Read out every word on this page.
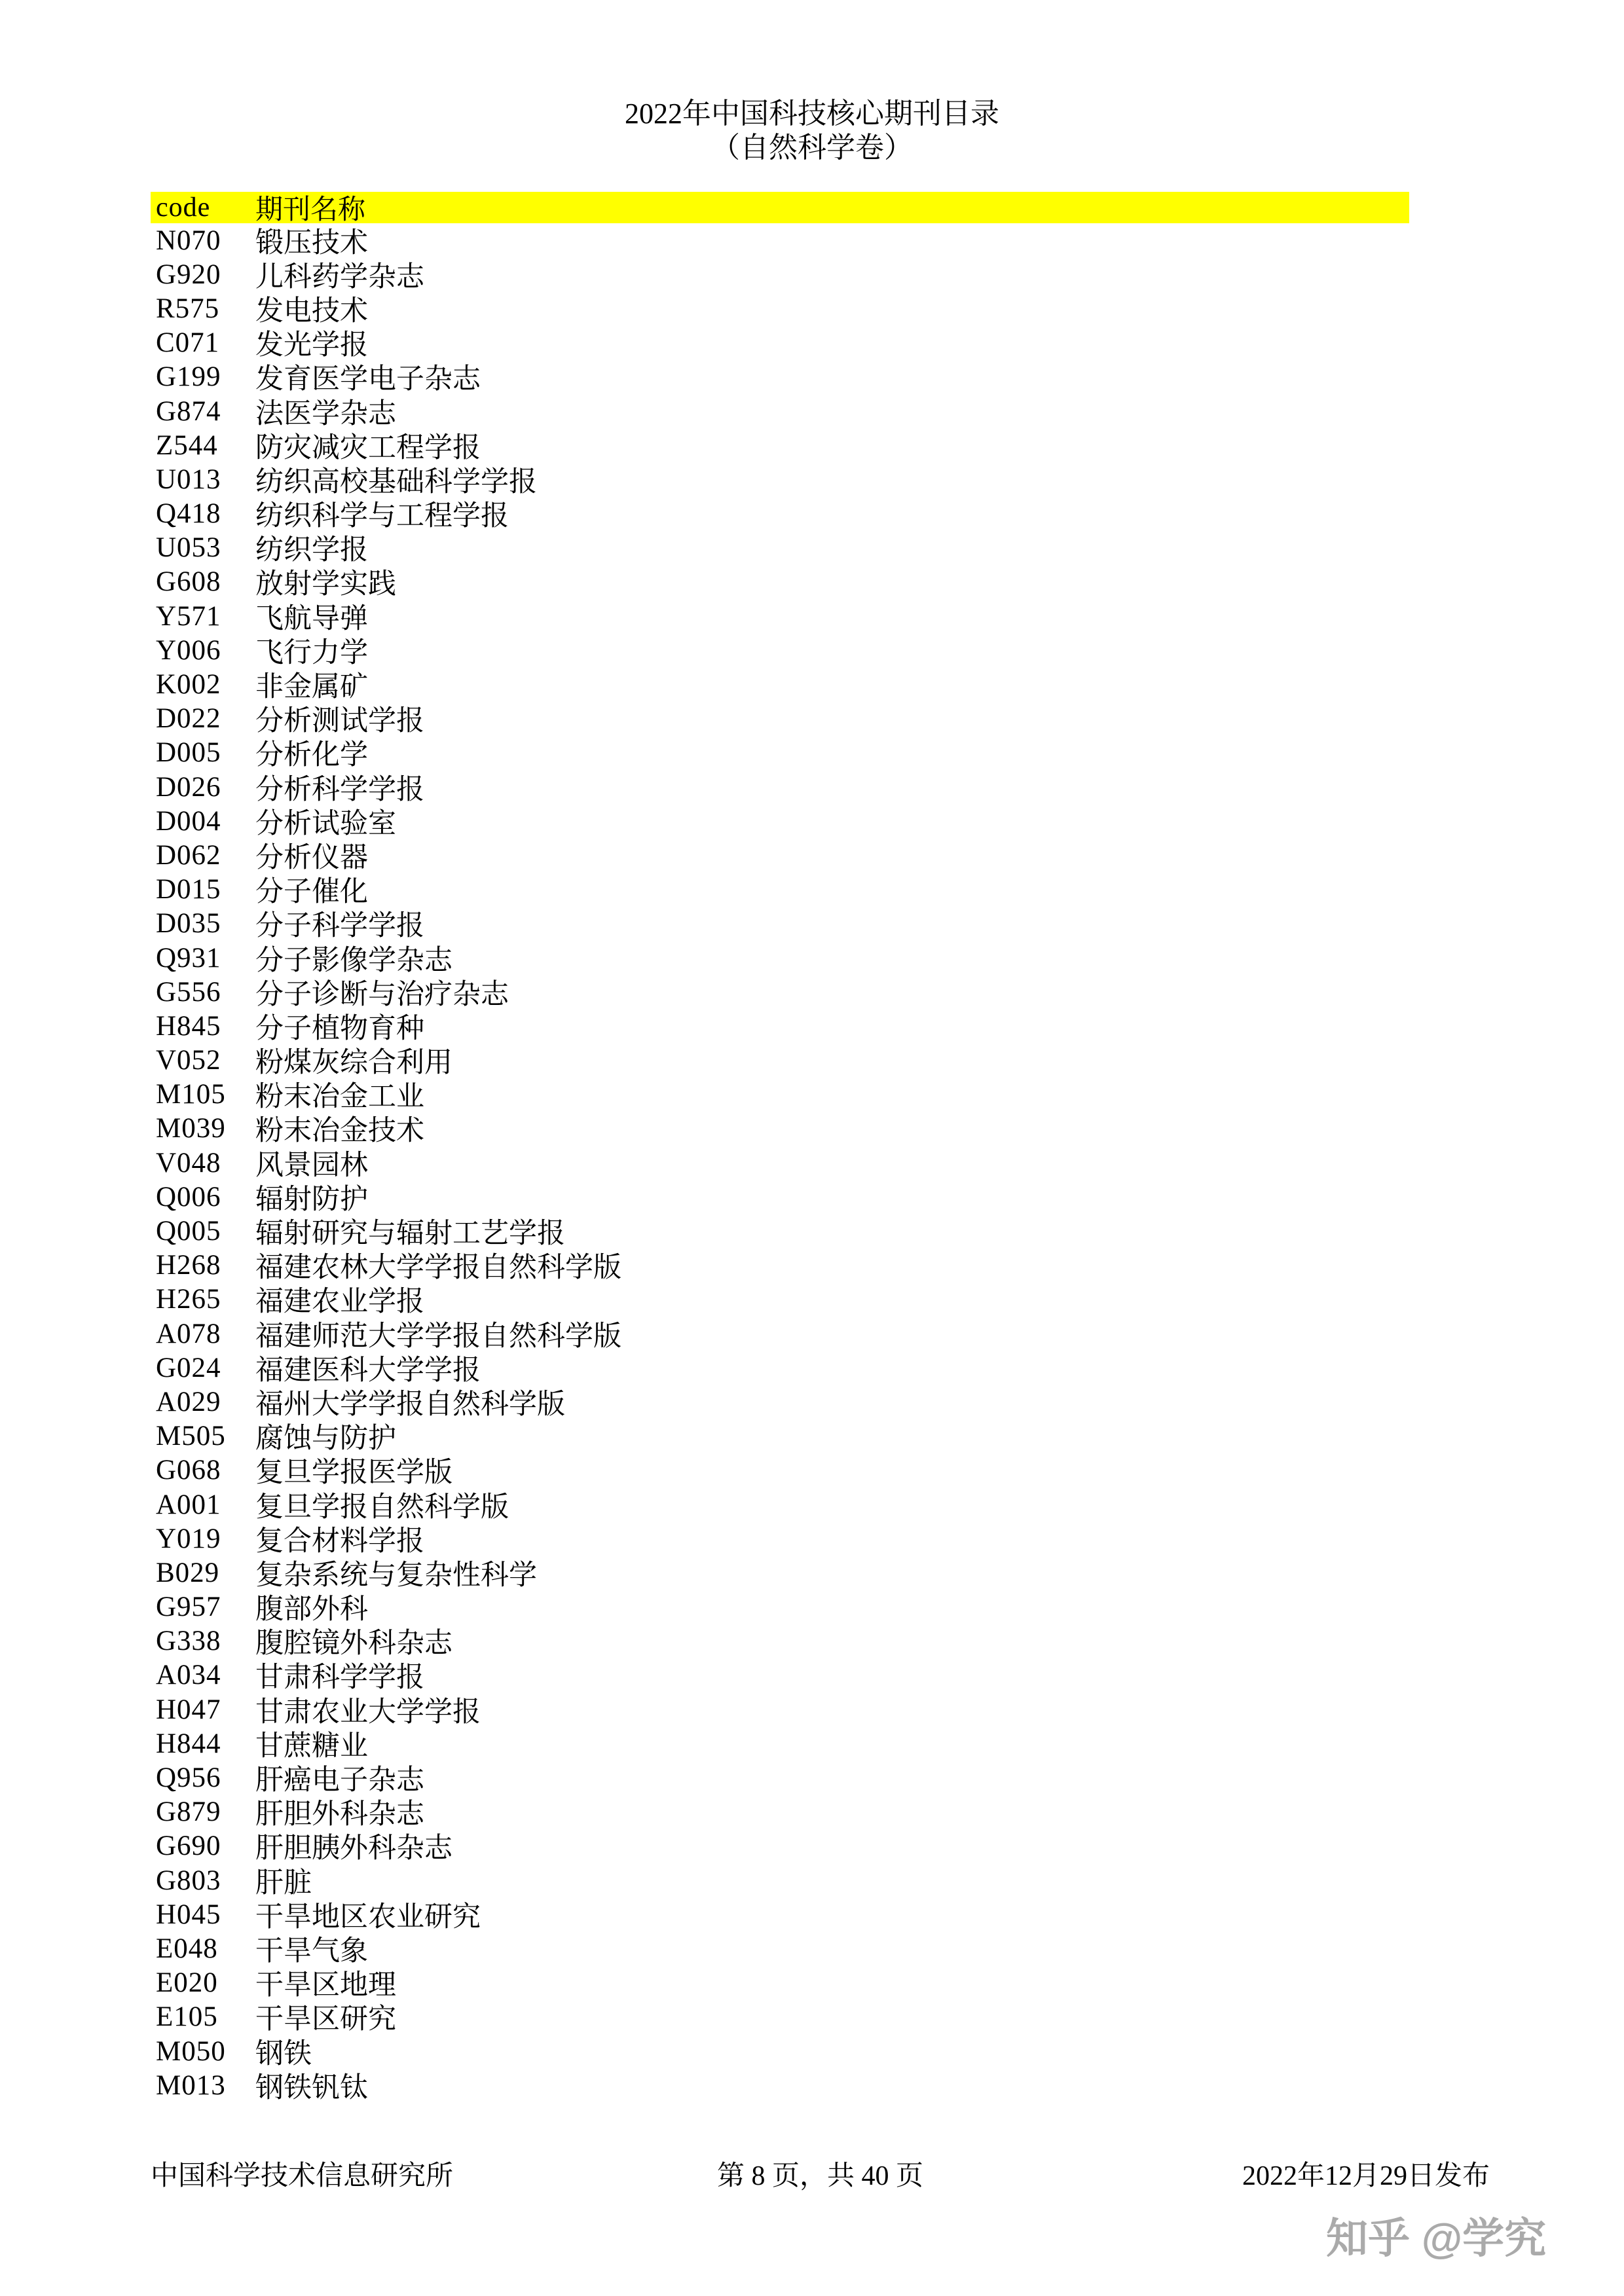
2022年中国科技核心期刊目录
（自然科学卷）
code	期刊名称
N070	锻压技术
G920	儿科药学杂志
R575	发电技术
C071	发光学报
G199	发育医学电子杂志
G874	法医学杂志
Z544	防灾减灾工程学报
U013	纺织高校基础科学学报
Q418	纺织科学与工程学报
U053	纺织学报
G608	放射学实践
Y571	飞航导弹
Y006	飞行力学
K002	非金属矿
D022	分析测试学报
D005	分析化学
D026	分析科学学报
D004	分析试验室
D062	分析仪器
D015	分子催化
D035	分子科学学报
Q931	分子影像学杂志
G556	分子诊断与治疗杂志
H845	分子植物育种
V052	粉煤灰综合利用
M105	粉末冶金工业
M039	粉末冶金技术
V048	风景园林
Q006	辐射防护
Q005	辐射研究与辐射工艺学报
H268	福建农林大学学报自然科学版
H265	福建农业学报
A078	福建师范大学学报自然科学版
G024	福建医科大学学报
A029	福州大学学报自然科学版
M505	腐蚀与防护
G068	复旦学报医学版
A001	复旦学报自然科学版
Y019	复合材料学报
B029	复杂系统与复杂性科学
G957	腹部外科
G338	腹腔镜外科杂志
A034	甘肃科学学报
H047	甘肃农业大学学报
H844	甘蔗糖业
Q956	肝癌电子杂志
G879	肝胆外科杂志
G690	肝胆胰外科杂志
G803	肝脏
H045	干旱地区农业研究
E048	干旱气象
E020	干旱区地理
E105	干旱区研究
M050	钢铁
M013	钢铁钒钛
中国科学技术信息研究所	第 8 页，共 40 页	2022年12月29日发布
知乎 @学究
